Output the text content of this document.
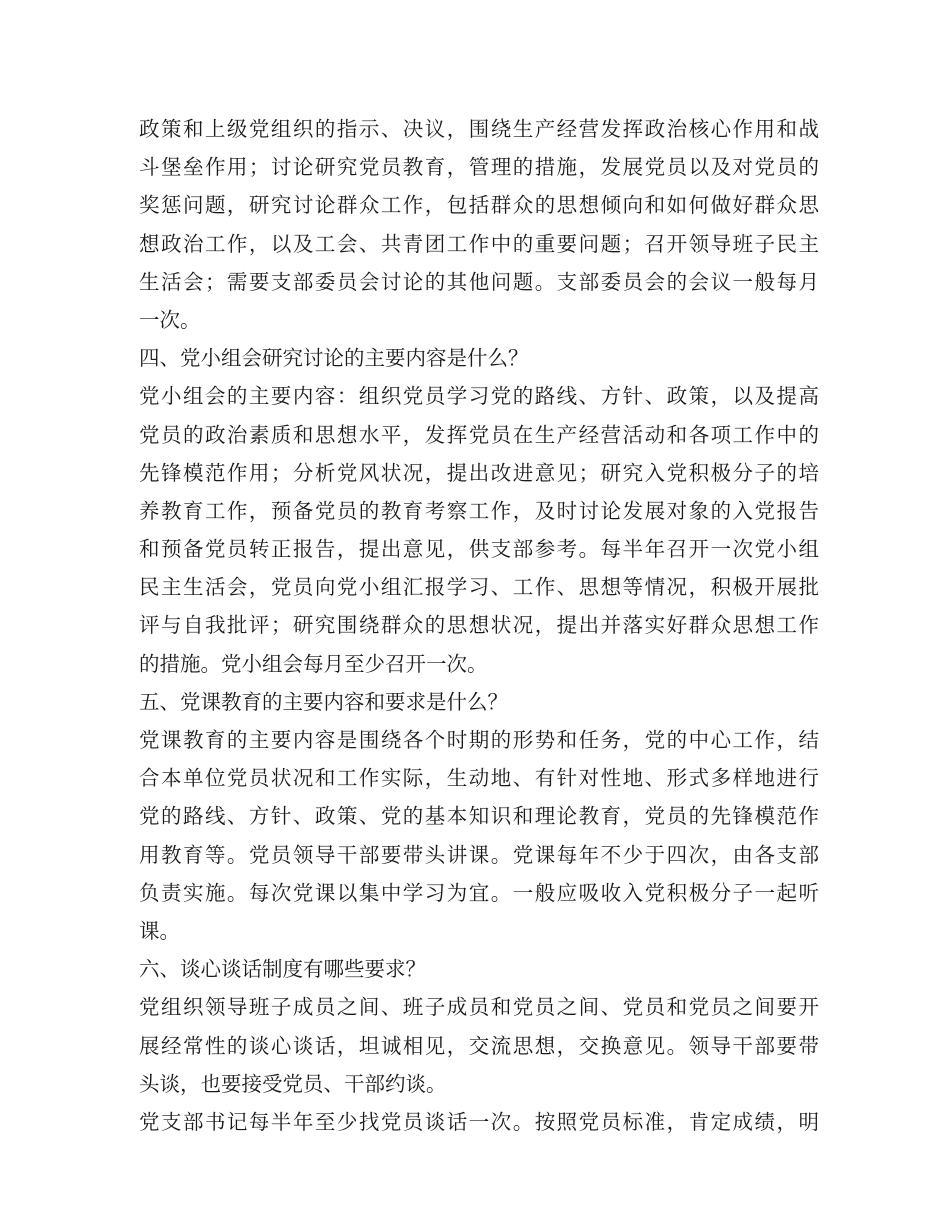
政策和上级党组织的指示、决议，围绕生产经营发挥政治核心作用和战
斗堡垒作用；讨论研究党员教育，管理的措施，发展党员以及对党员的
奖惩问题，研究讨论群众工作，包括群众的思想倾向和如何做好群众思
想政治工作，以及工会、共青团工作中的重要问题；召开领导班子民主
生活会；需要支部委员会讨论的其他问题。支部委员会的会议一般每月
一次。
四、党小组会研究讨论的主要内容是什么？
党小组会的主要内容：组织党员学习党的路线、方针、政策，以及提高
党员的政治素质和思想水平，发挥党员在生产经营活动和各项工作中的
先锋模范作用；分析党风状况，提出改进意见；研究入党积极分子的培
养教育工作，预备党员的教育考察工作，及时讨论发展对象的入党报告
和预备党员转正报告，提出意见，供支部参考。每半年召开一次党小组
民主生活会，党员向党小组汇报学习、工作、思想等情况，积极开展批
评与自我批评；研究围绕群众的思想状况，提出并落实好群众思想工作
的措施。党小组会每月至少召开一次。
五、党课教育的主要内容和要求是什么？
党课教育的主要内容是围绕各个时期的形势和任务，党的中心工作，结
合本单位党员状况和工作实际，生动地、有针对性地、形式多样地进行
党的路线、方针、政策、党的基本知识和理论教育，党员的先锋模范作
用教育等。党员领导干部要带头讲课。党课每年不少于四次，由各支部
负责实施。每次党课以集中学习为宜。一般应吸收入党积极分子一起听
课。
六、谈心谈话制度有哪些要求？
党组织领导班子成员之间、班子成员和党员之间、党员和党员之间要开
展经常性的谈心谈话，坦诚相见，交流思想，交换意见。领导干部要带
头谈，也要接受党员、干部约谈。
党支部书记每半年至少找党员谈话一次。按照党员标准，肯定成绩，明
